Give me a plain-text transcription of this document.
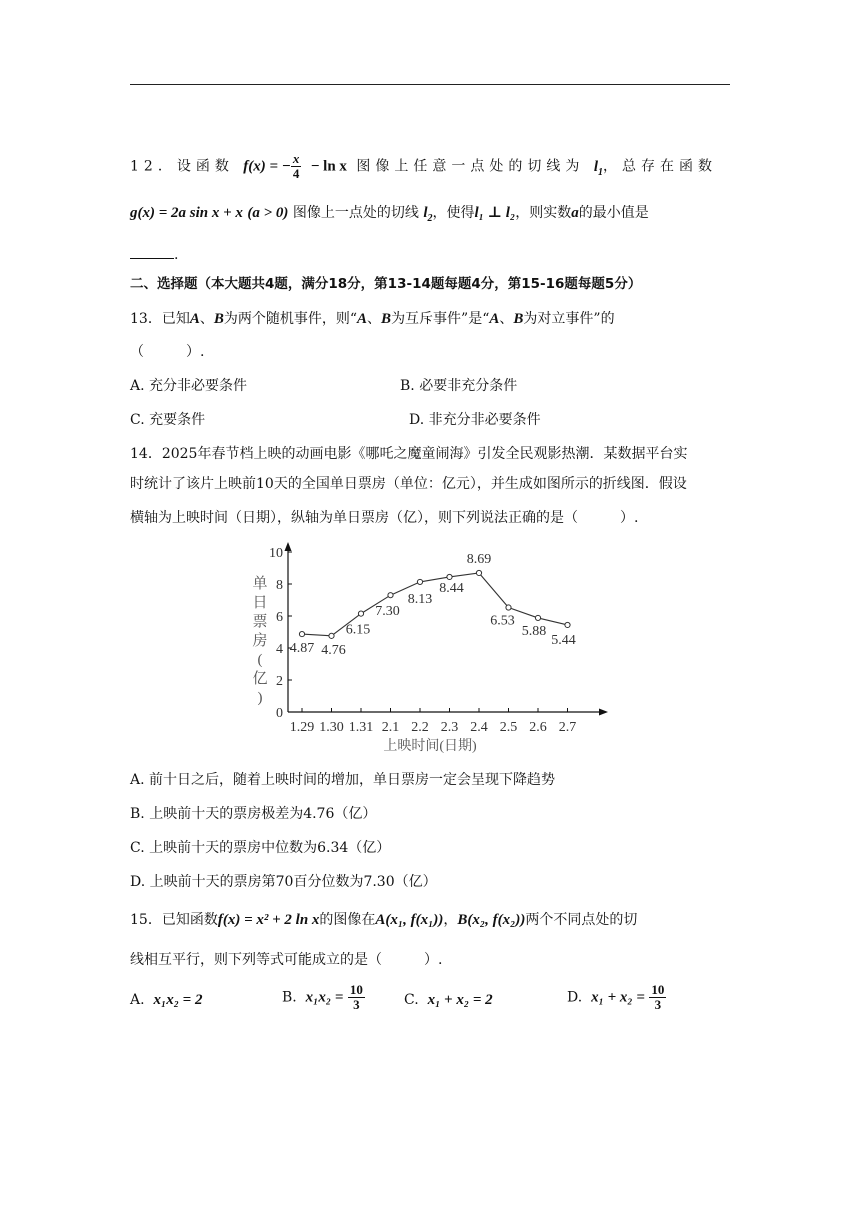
12．设函数 f(x) = − $\frac{x}{4} - \ln x$ 图像上任意一点处的切线为 $l_1$，总存在函数
g(x) = 2a sin x + x (a > 0) 图像上一点处的切线 $l_2$，使得l₁ ⊥ l₂，则实数a的最小值是
.
二、选择题（本大题共4题，满分18分，第13-14题每题4分，第15-16题每题5分）
13．已知A、B为两个随机事件，则“A、B为互斥事件”是“A、B为对立事件”的
（　　　）.
A. 充分非必要条件	B. 必要非充分条件
C. 充要条件	D. 非充分非必要条件
14．2025年春节档上映的动画电影《哪吒之魔童闹海》引发全民观影热潮．某数据平台实
时统计了该片上映前10天的全国单日票房（单位：亿元），并生成如图所示的折线图．假设
横轴为上映时间（日期），纵轴为单日票房（亿），则下列说法正确的是（　　　）.
单
日
票
房
(
亿
)
0
2
4
6
8
10
1.29 1.30 1.31 2.1 2.2 2.3 2.4 2.5 2.6 2.7
4.87 4.76
6.15
7.30
8.13
8.44
8.69
6.53
5.88
5.44
上映时间(日期)
A. 前十日之后，随着上映时间的增加，单日票房一定会呈现下降趋势
B. 上映前十天的票房极差为4.76（亿）
C. 上映前十天的票房中位数为6.34（亿）
D. 上映前十天的票房第70百分位数为7.30（亿）
15．已知函数f(x) = x² + 2 ln x的图像在A(x₁, f(x₁))，B(x₂, f(x₂))两个不同点处的切
线相互平行，则下列等式可能成立的是（　　　）.
A. x₁x₂ = 2	B. $x_1x_2 = \frac{10}{3}$	C. x₁ + x₂ = 2	D. $x_1 + x_2 = \frac{10}{3}$
